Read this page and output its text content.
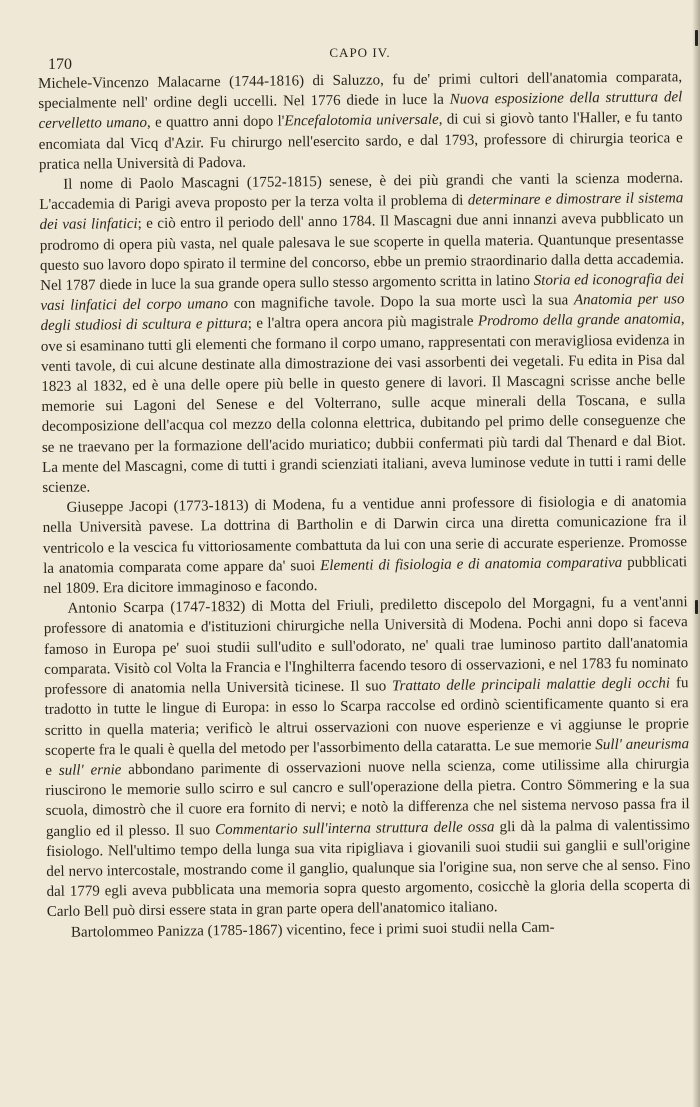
170
CAPO IV.

Michele-Vincenzo Malacarne (1744-1816) di Saluzzo, fu de' primi cultori dell'anatomia comparata, specialmente nell' ordine degli uccelli. Nel 1776 diede in luce la Nuova esposizione della struttura del cervelletto umano, e quattro anni dopo l'Encefalotomia universale, di cui si giovò tanto l'Haller, e fu tanto encomiata dal Vicq d'Azir. Fu chirurgo nell'esercito sardo, e dal 1793, professore di chirurgia teorica e pratica nella Università di Padova.

Il nome di Paolo Mascagni (1752-1815) senese, è dei più grandi che vanti la scienza moderna. L'accademia di Parigi aveva proposto per la terza volta il problema di determinare e dimostrare il sistema dei vasi linfatici; e ciò entro il periodo dell' anno 1784. Il Mascagni due anni innanzi aveva pubblicato un prodromo di opera più vasta, nel quale palesava le sue scoperte in quella materia. Quantunque presentasse questo suo lavoro dopo spirato il termine del concorso, ebbe un premio straordinario dalla detta accademia. Nel 1787 diede in luce la sua grande opera sullo stesso argomento scritta in latino Storia ed iconografia dei vasi linfatici del corpo umano con magnifiche tavole. Dopo la sua morte uscì la sua Anatomia per uso degli studiosi di scultura e pittura; e l'altra opera ancora più magistrale Prodromo della grande anatomia, ove si esaminano tutti gli elementi che formano il corpo umano, rappresentati con meravigliosa evidenza in venti tavole, di cui alcune destinate alla dimostrazione dei vasi assorbenti dei vegetali. Fu edita in Pisa dal 1823 al 1832, ed è una delle opere più belle in questo genere di lavori. Il Mascagni scrisse anche belle memorie sui Lagoni del Senese e del Volterrano, sulle acque minerali della Toscana, e sulla decomposizione dell'acqua col mezzo della colonna elettrica, dubitando pel primo delle conseguenze che se ne traevano per la formazione dell'acido muriatico; dubbii confermati più tardi dal Thenard e dal Biot. La mente del Mascagni, come di tutti i grandi scienziati italiani, aveva luminose vedute in tutti i rami delle scienze.

Giuseppe Jacopi (1773-1813) di Modena, fu a ventidue anni professore di fisiologia e di anatomia nella Università pavese. La dottrina di Bartholin e di Darwin circa una diretta comunicazione fra il ventricolo e la vescica fu vittoriosamente combattuta da lui con una serie di accurate esperienze. Promosse la anatomia comparata come appare da' suoi Elementi di fisiologia e di anatomia comparativa pubblicati nel 1809. Era dicitore immaginoso e facondo.

Antonio Scarpa (1747-1832) di Motta del Friuli, prediletto discepolo del Morgagni, fu a vent'anni professore di anatomia e d'istituzioni chirurgiche nella Università di Modena. Pochi anni dopo si faceva famoso in Europa pe' suoi studii sull'udito e sull'odorato, ne' quali trae luminoso partito dall'anatomia comparata. Visitò col Volta la Francia e l'Inghilterra facendo tesoro di osservazioni, e nel 1783 fu nominato professore di anatomia nella Università ticinese. Il suo Trattato delle principali malattie degli occhi fu tradotto in tutte le lingue di Europa: in esso lo Scarpa raccolse ed ordinò scientificamente quanto si era scritto in quella materia; verificò le altrui osservazioni con nuove esperienze e vi aggiunse le proprie scoperte fra le quali è quella del metodo per l'assorbimento della cataratta. Le sue memorie Sull' aneurisma e sull' ernie abbondano parimente di osservazioni nuove nella scienza, come utilissime alla chirurgia riuscirono le memorie sullo scirro e sul cancro e sull'operazione della pietra. Contro Sömmering e la sua scuola, dimostrò che il cuore era fornito di nervi; e notò la differenza che nel sistema nervoso passa fra il ganglio ed il plesso. Il suo Commentario sull'interna struttura delle ossa gli dà la palma di valentissimo fisiologo. Nell'ultimo tempo della lunga sua vita ripigliava i giovanili suoi studii sui ganglii e sull'origine del nervo intercostale, mostrando come il ganglio, qualunque sia l'origine sua, non serve che al senso. Fino dal 1779 egli aveva pubblicata una memoria sopra questo argomento, cosicchè la gloria della scoperta di Carlo Bell può dirsi essere stata in gran parte opera dell'anatomico italiano.

Bartolommeo Panizza (1785-1867) vicentino, fece i primi suoi studii nella Cam-
